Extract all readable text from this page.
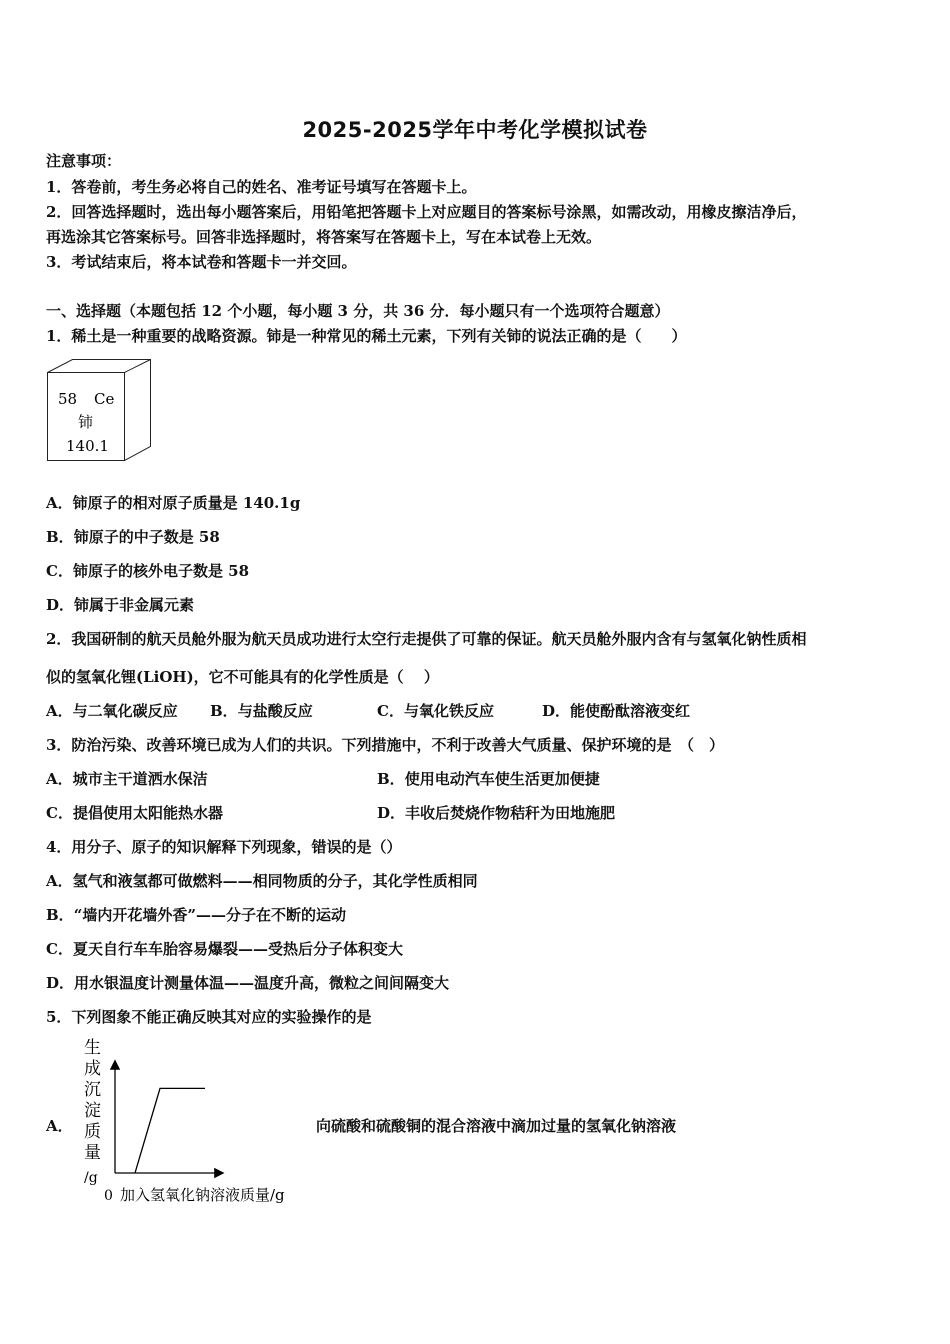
2025-2025学年中考化学模拟试卷
注意事项：
1．答卷前，考生务必将自己的姓名、准考证号填写在答题卡上。
2．回答选择题时，选出每小题答案后，用铅笔把答题卡上对应题目的答案标号涂黑，如需改动，用橡皮擦洁净后，
再选涂其它答案标号。回答非选择题时，将答案写在答题卡上，写在本试卷上无效。
3．考试结束后，将本试卷和答题卡一并交回。
一、选择题（本题包括 12 个小题，每小题 3 分，共 36 分．每小题只有一个选项符合题意）
1．稀土是一种重要的战略资源。铈是一种常见的稀土元素，下列有关铈的说法正确的是（　　）
58 Ce
铈
140.1
A．铈原子的相对原子质量是 140.1g
B．铈原子的中子数是 58
C．铈原子的核外电子数是 58
D．铈属于非金属元素
2．我国研制的航天员舱外服为航天员成功进行太空行走提供了可靠的保证。航天员舱外服内含有与氢氧化钠性质相
似的氢氧化锂(LiOH)，它不可能具有的化学性质是（　 ）
A．与二氧化碳反应 B．与盐酸反应	C．与氧化铁反应	D．能使酚酞溶液变红
3．防治污染、改善环境已成为人们的共识。下列措施中，不利于改善大气质量、保护环境的是　（　）
A．城市主干道洒水保洁	B．使用电动汽车使生活更加便捷
C．提倡使用太阳能热水器	D．丰收后焚烧作物秸秆为田地施肥
4．用分子、原子的知识解释下列现象，错误的是（）
A．氢气和液氢都可做燃料——相同物质的分子，其化学性质相同
B．“墙内开花墙外香”——分子在不断的运动
C．夏天自行车车胎容易爆裂——受热后分子体积变大
D．用水银温度计测量体温——温度升高，微粒之间间隔变大
5．下列图象不能正确反映其对应的实验操作的是
A．	向硫酸和硫酸铜的混合溶液中滴加过量的氢氧化钠溶液
生
成
沉
淀
质
量
/g
0 加入氢氧化钠溶液质量/g
